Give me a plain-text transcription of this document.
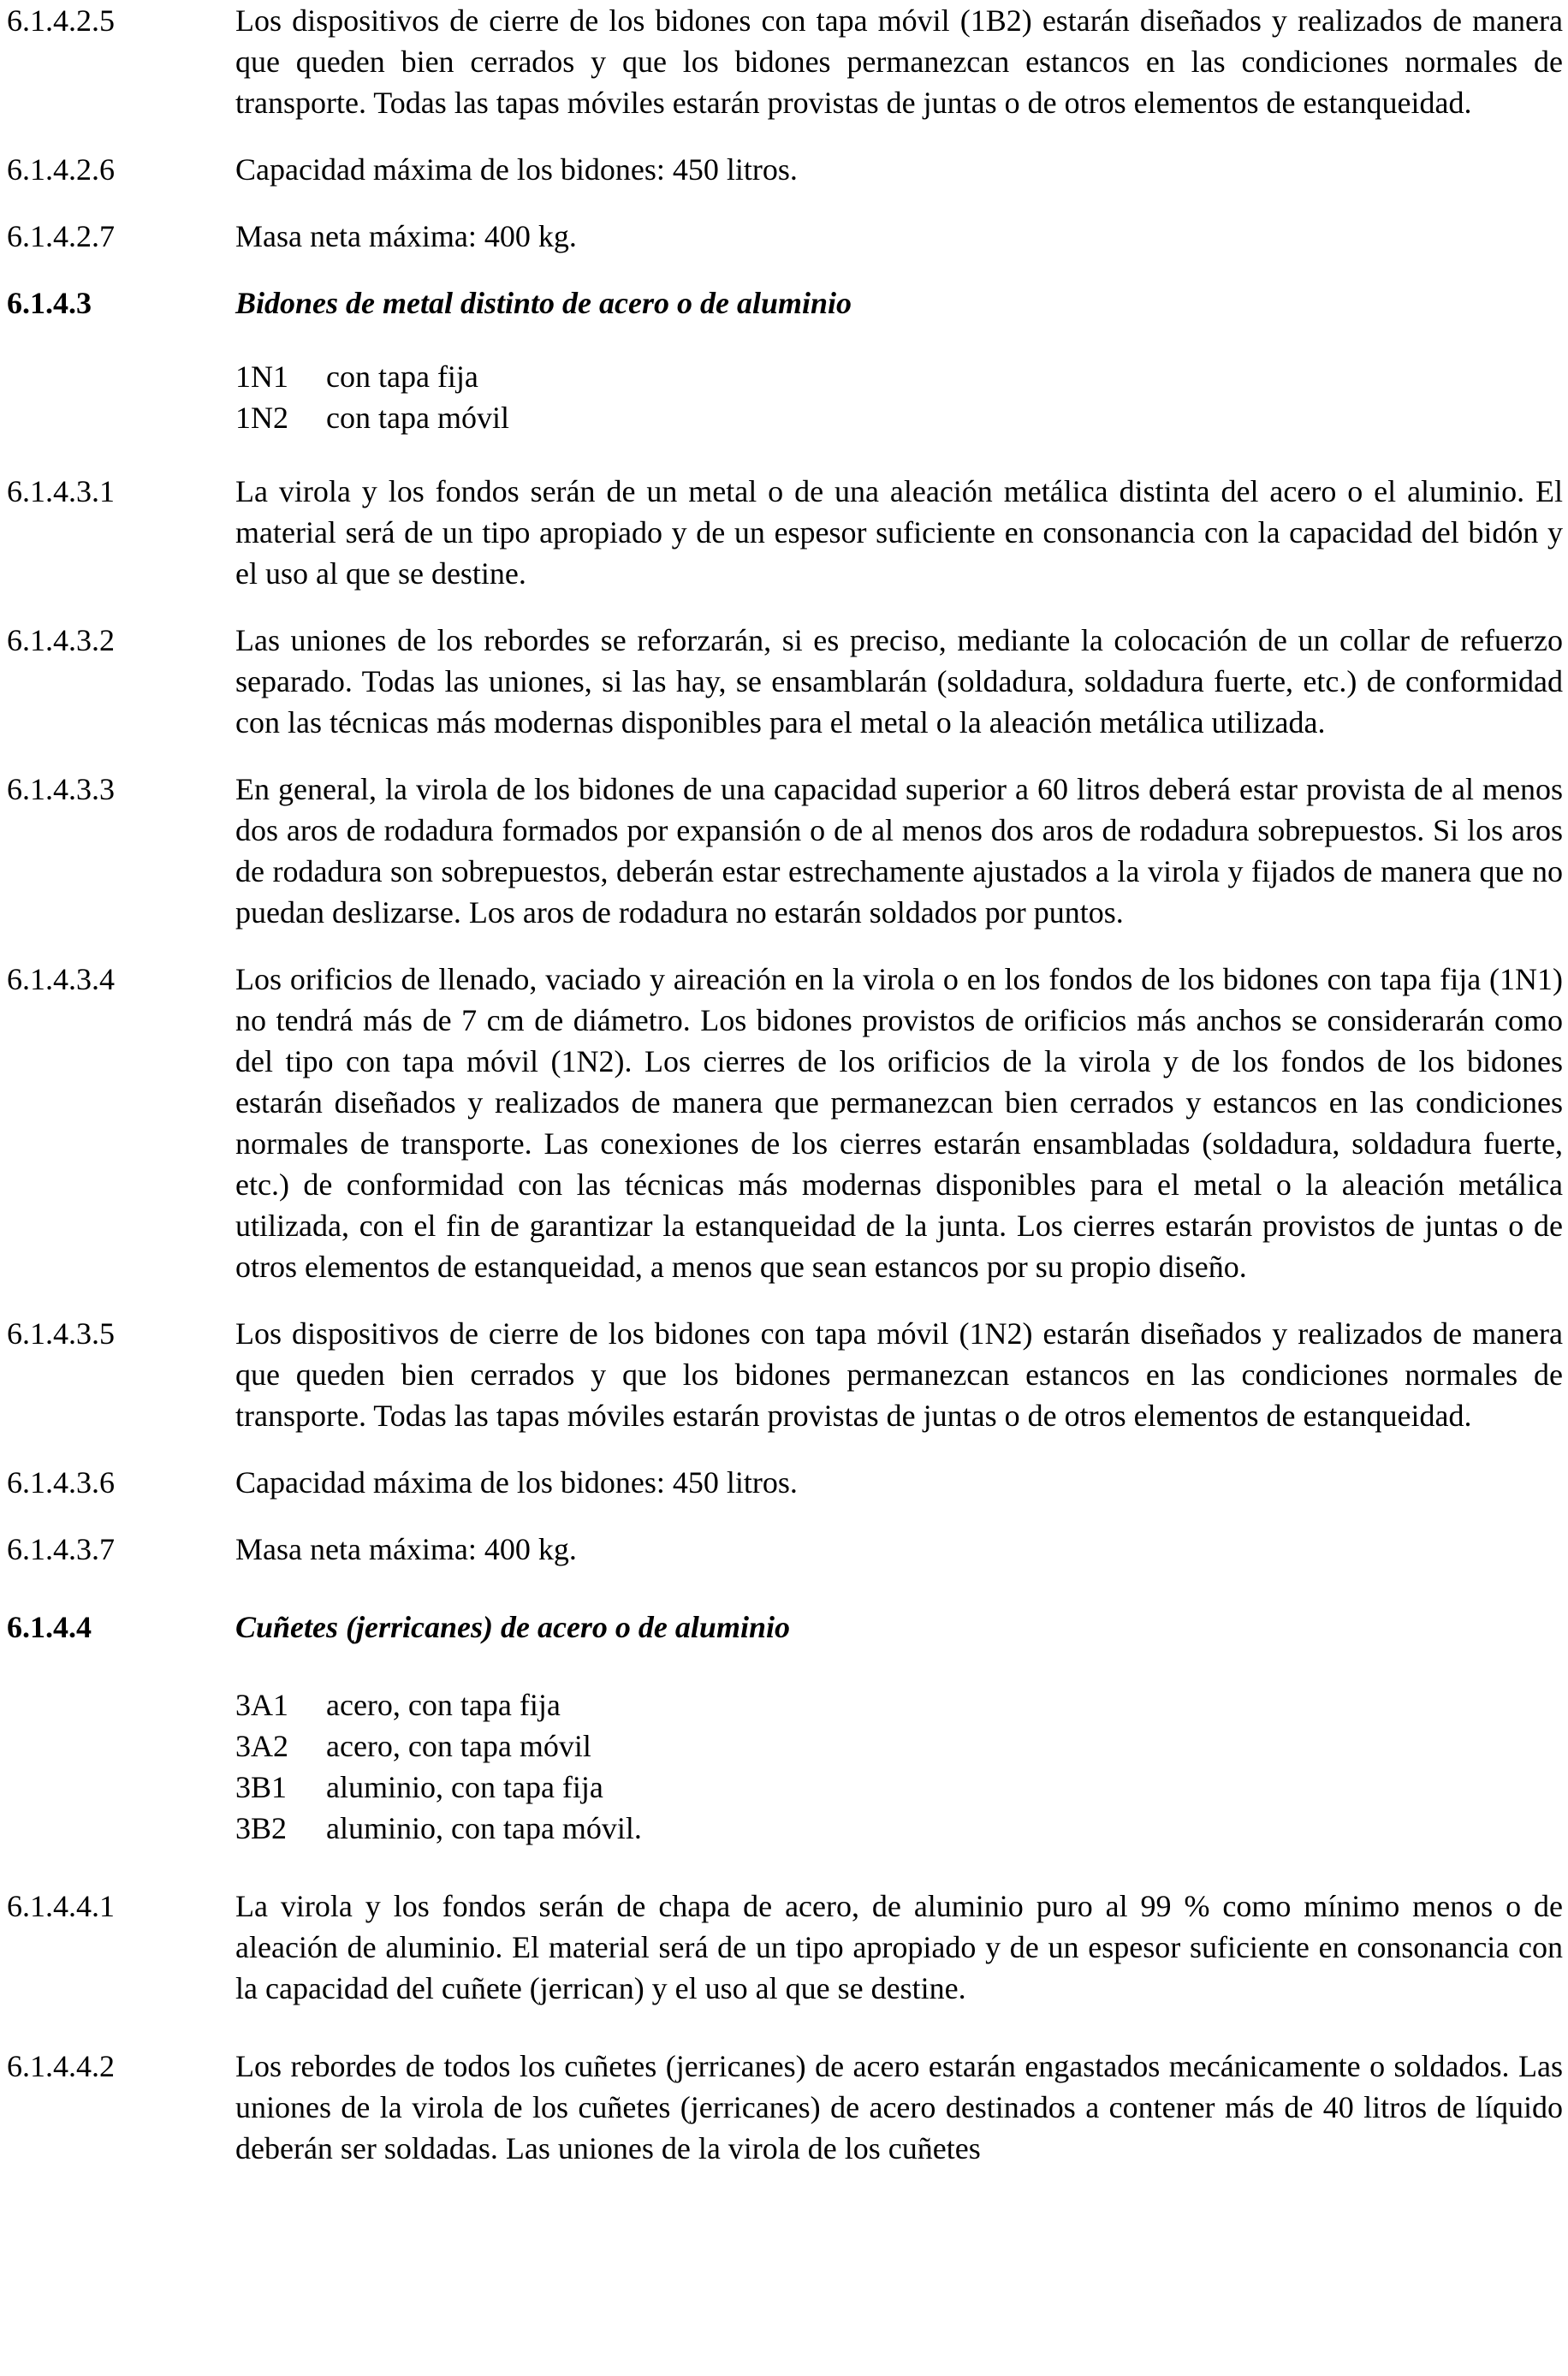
6.1.4.2.5	Los dispositivos de cierre de los bidones con tapa móvil (1B2) estarán diseñados y realizados de manera que queden bien cerrados y que los bidones permanezcan estancos en las condiciones normales de transporte. Todas las tapas móviles estarán provistas de juntas o de otros elementos de estanqueidad.
6.1.4.2.6	Capacidad máxima de los bidones: 450 litros.
6.1.4.2.7	Masa neta máxima: 400 kg.
6.1.4.3	Bidones de metal distinto de acero o de aluminio
1N1	con tapa fija
1N2	con tapa móvil
6.1.4.3.1	La virola y los fondos serán de un metal o de una aleación metálica distinta del acero o el aluminio. El material será de un tipo apropiado y de un espesor suficiente en consonancia con la capacidad del bidón y el uso al que se destine.
6.1.4.3.2	Las uniones de los rebordes se reforzarán, si es preciso, mediante la colocación de un collar de refuerzo separado. Todas las uniones, si las hay, se ensamblarán (soldadura, soldadura fuerte, etc.) de conformidad con las técnicas más modernas disponibles para el metal o la aleación metálica utilizada.
6.1.4.3.3	En general, la virola de los bidones de una capacidad superior a 60 litros deberá estar provista de al menos dos aros de rodadura formados por expansión o de al menos dos aros de rodadura sobrepuestos. Si los aros de rodadura son sobrepuestos, deberán estar estrechamente ajustados a la virola y fijados de manera que no puedan deslizarse. Los aros de rodadura no estarán soldados por puntos.
6.1.4.3.4	Los orificios de llenado, vaciado y aireación en la virola o en los fondos de los bidones con tapa fija (1N1) no tendrá más de 7 cm de diámetro. Los bidones provistos de orificios más anchos se considerarán como del tipo con tapa móvil (1N2). Los cierres de los orificios de la virola y de los fondos de los bidones estarán diseñados y realizados de manera que permanezcan bien cerrados y estancos en las condiciones normales de transporte. Las conexiones de los cierres estarán ensambladas (soldadura, soldadura fuerte, etc.) de conformidad con las técnicas más modernas disponibles para el metal o la aleación metálica utilizada, con el fin de garantizar la estanqueidad de la junta. Los cierres estarán provistos de juntas o de otros elementos de estanqueidad, a menos que sean estancos por su propio diseño.
6.1.4.3.5	Los dispositivos de cierre de los bidones con tapa móvil (1N2) estarán diseñados y realizados de manera que queden bien cerrados y que los bidones permanezcan estancos en las condiciones normales de transporte. Todas las tapas móviles estarán provistas de juntas o de otros elementos de estanqueidad.
6.1.4.3.6	Capacidad máxima de los bidones: 450 litros.
6.1.4.3.7	Masa neta máxima: 400 kg.
6.1.4.4	Cuñetes (jerricanes) de acero o de aluminio
3A1	acero, con tapa fija
3A2	acero, con tapa móvil
3B1	aluminio, con tapa fija
3B2	aluminio, con tapa móvil.
6.1.4.4.1	La virola y los fondos serán de chapa de acero, de aluminio puro al 99 % como mínimo menos o de aleación de aluminio. El material será de un tipo apropiado y de un espesor suficiente en consonancia con la capacidad del cuñete (jerrican) y el uso al que se destine.
6.1.4.4.2	Los rebordes de todos los cuñetes (jerricanes) de acero estarán engastados mecánicamente o soldados. Las uniones de la virola de los cuñetes (jerricanes) de acero destinados a contener más de 40 litros de líquido deberán ser soldadas. Las uniones de la virola de los cuñetes
